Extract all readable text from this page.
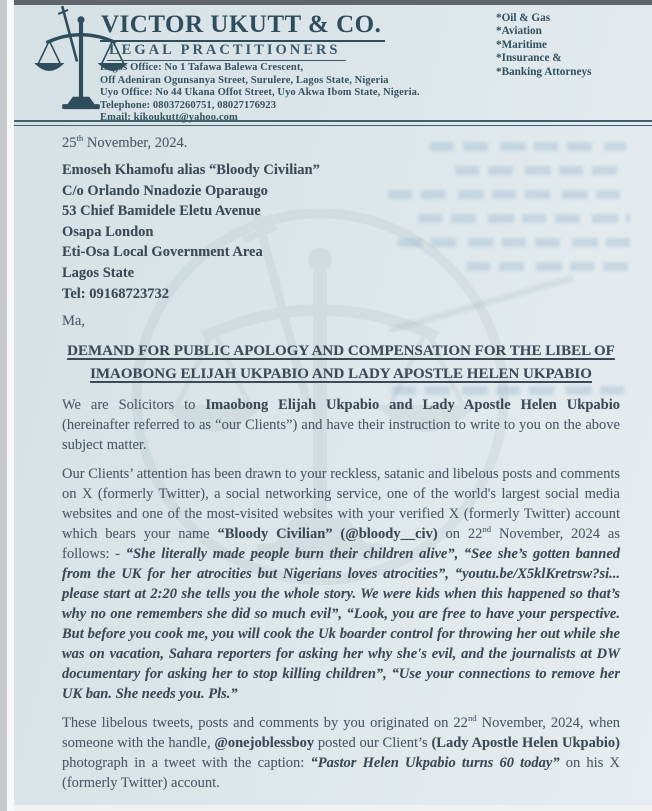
VICTOR UKUTT & CO.
LEGAL PRACTITIONERS
Lagos Office: No 1 Tafawa Balewa Crescent,
Off Adeniran Ogunsanya Street, Surulere, Lagos State, Nigeria
Uyo Office: No 44 Ukana Offot Street, Uyo Akwa Ibom State, Nigeria.
Telephone: 08037260751, 08027176923
Email: kikoukutt@yahoo.com
*Oil & Gas
*Aviation
*Maritime
*Insurance &
*Banking Attorneys

25th November, 2024.

Emoseh Khamofu alias “Bloody Civilian”
C/o Orlando Nnadozie Oparaugo
53 Chief Bamidele Eletu Avenue
Osapa London
Eti-Osa Local Government Area
Lagos State
Tel: 09168723732

Ma,

DEMAND FOR PUBLIC APOLOGY AND COMPENSATION FOR THE LIBEL OF IMAOBONG ELIJAH UKPABIO AND LADY APOSTLE HELEN UKPABIO

We are Solicitors to Imaobong Elijah Ukpabio and Lady Apostle Helen Ukpabio (hereinafter referred to as “our Clients”) and have their instruction to write to you on the above subject matter.

Our Clients’ attention has been drawn to your reckless, satanic and libelous posts and comments on X (formerly Twitter), a social networking service, one of the world's largest social media websites and one of the most-visited websites with your verified X (formerly Twitter) account which bears your name “Bloody Civilian” (@bloody__civ) on 22nd November, 2024 as follows: - “She literally made people burn their children alive”, “See she’s gotten banned from the UK for her atrocities but Nigerians loves atrocities”, “youtu.be/X5klKretrsw?si... please start at 2:20 she tells you the whole story. We were kids when this happened so that’s why no one remembers she did so much evil”, “Look, you are free to have your perspective. But before you cook me, you will cook the Uk boarder control for throwing her out while she was on vacation, Sahara reporters for asking her why she's evil, and the journalists at DW documentary for asking her to stop killing children”, “Use your connections to remove her UK ban. She needs you. Pls.”

These libelous tweets, posts and comments by you originated on 22nd November, 2024, when someone with the handle, @onejoblessboy posted our Client’s (Lady Apostle Helen Ukpabio) photograph in a tweet with the caption: “Pastor Helen Ukpabio turns 60 today” on his X (formerly Twitter) account.
